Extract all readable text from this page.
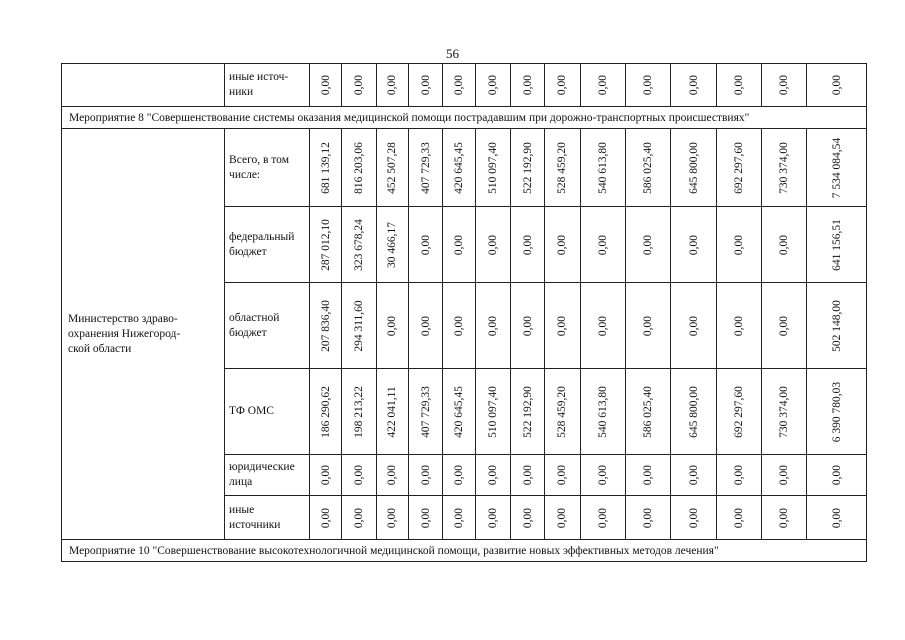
56
	иные источ-
ники	0,00	0,00	0,00	0,00	0,00	0,00	0,00	0,00	0,00	0,00	0,00	0,00	0,00	0,00

Мероприятие 8 "Совершенствование системы оказания медицинской помощи пострадавшим при дорожно-транспортных происшествиях"															
Министерство здраво-
охранения Нижегород-
ской области	Всего, в том
числе:	681 139,12	816 203,06	452 507,28	407 729,33	420 645,45	510 097,40	522 192,90	528 459,20	540 613,80	586 025,40	645 800,00	692 297,60	730 374,00	7 534 084,54

	федеральный
бюджет	287 012,10	323 678,24	30 466,17	0,00	0,00	0,00	0,00	0,00	0,00	0,00	0,00	0,00	0,00	641 156,51

	областной
бюджет	207 836,40	294 311,60	0,00	0,00	0,00	0,00	0,00	0,00	0,00	0,00	0,00	0,00	0,00	502 148,00

	ТФ ОМС	186 290,62	198 213,22	422 041,11	407 729,33	420 645,45	510 097,40	522 192,90	528 459,20	540 613,80	586 025,40	645 800,00	692 297,60	730 374,00	6 390 780,03

	юридические
лица	0,00	0,00	0,00	0,00	0,00	0,00	0,00	0,00	0,00	0,00	0,00	0,00	0,00	0,00

	иные
источники	0,00	0,00	0,00	0,00	0,00	0,00	0,00	0,00	0,00	0,00	0,00	0,00	0,00	0,00

Мероприятие 10 "Совершенствование высокотехнологичной медицинской помощи, развитие новых эффективных методов лечения"															
